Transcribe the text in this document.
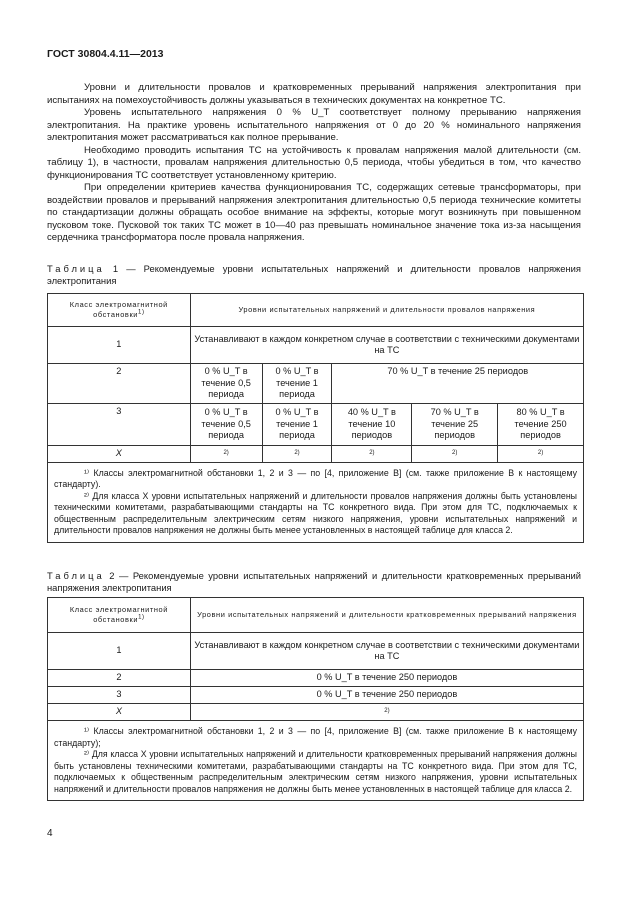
ГОСТ 30804.4.11—2013

Уровни и длительности провалов и кратковременных прерываний напряжения электропитания при испытаниях на помехоустойчивость должны указываться в технических документах на конкретное ТС.

Уровень испытательного напряжения 0 % U_T соответствует полному прерыванию напряжения электропитания. На практике уровень испытательного напряжения от 0 до 20 % номинального напряжения электропитания может рассматриваться как полное прерывание.

Необходимо проводить испытания ТС на устойчивость к провалам напряжения малой длительности (см. таблицу 1), в частности, провалам напряжения длительностью 0,5 периода, чтобы убедиться в том, что качество функционирования ТС соответствует установленному критерию.

При определении критериев качества функционирования ТС, содержащих сетевые трансформаторы, при воздействии провалов и прерываний напряжения электропитания длительностью 0,5 периода технические комитеты по стандартизации должны обращать особое внимание на эффекты, которые могут возникнуть при повышенном пусковом токе. Пусковой ток таких ТС может в 10—40 раз превышать номинальное значение тока из-за насыщения сердечника трансформатора после провала напряжения.

Таблица 1 — Рекомендуемые уровни испытательных напряжений и длительности провалов напряжения электропитания
Класс электромагнитной обстановки$^{1)}$	Уровни испытательных напряжений и длительности провалов напряжения				
1	Устанавливают в каждом конкретном случае в соответствии с техническими документами на ТС				
2	0 % U_T в течение 0,5 периода	0 % U_T в течение 1 периода	70 % U_T в течение 25 периодов		
3	0 % U_T в течение 0,5 периода	0 % U_T в течение 1 периода	40 % U_T в течение 10 периодов	70 % U_T в течение 25 периодов	80 % U_T в течение 250 периодов
X	2)	2)	2)	2)	2)

¹⁾ Классы электромагнитной обстановки 1, 2 и 3 — по [4, приложение В] (см. также приложение В к настоящему стандарту).
²⁾ Для класса X уровни испытательных напряжений и длительности провалов напряжения должны быть установлены техническими комитетами, разрабатывающими стандарты на ТС конкретного вида. При этом для ТС, подключаемых к общественным распределительным электрическим сетям низкого напряжения, уровни испытательных напряжений и длительности провалов напряжения не должны быть менее установленных в настоящей таблице для класса 2.					
Таблица 2 — Рекомендуемые уровни испытательных напряжений и длительности кратковременных прерываний напряжения электропитания
Класс электромагнитной обстановки$^{1)}$	Уровни испытательных напряжений и длительности кратковременных прерываний напряжения
1	Устанавливают в каждом конкретном случае в соответствии с техническими документами на ТС
2	0 % U_T в течение 250 периодов
3	0 % U_T в течение 250 периодов
X	2)

¹⁾ Классы электромагнитной обстановки 1, 2 и 3 — по [4, приложение В] (см. также приложение В к настоящему стандарту);
²⁾ Для класса X уровни испытательных напряжений и длительности кратковременных прерываний напряжения должны быть установлены техническими комитетами, разрабатывающими стандарты на ТС конкретного вида. При этом для ТС, подключаемых к общественным распределительным электрическим сетям низкого напряжения, уровни испытательных напряжений и длительности провалов напряжения не должны быть менее установленных в настоящей таблице для класса 2.	
4
